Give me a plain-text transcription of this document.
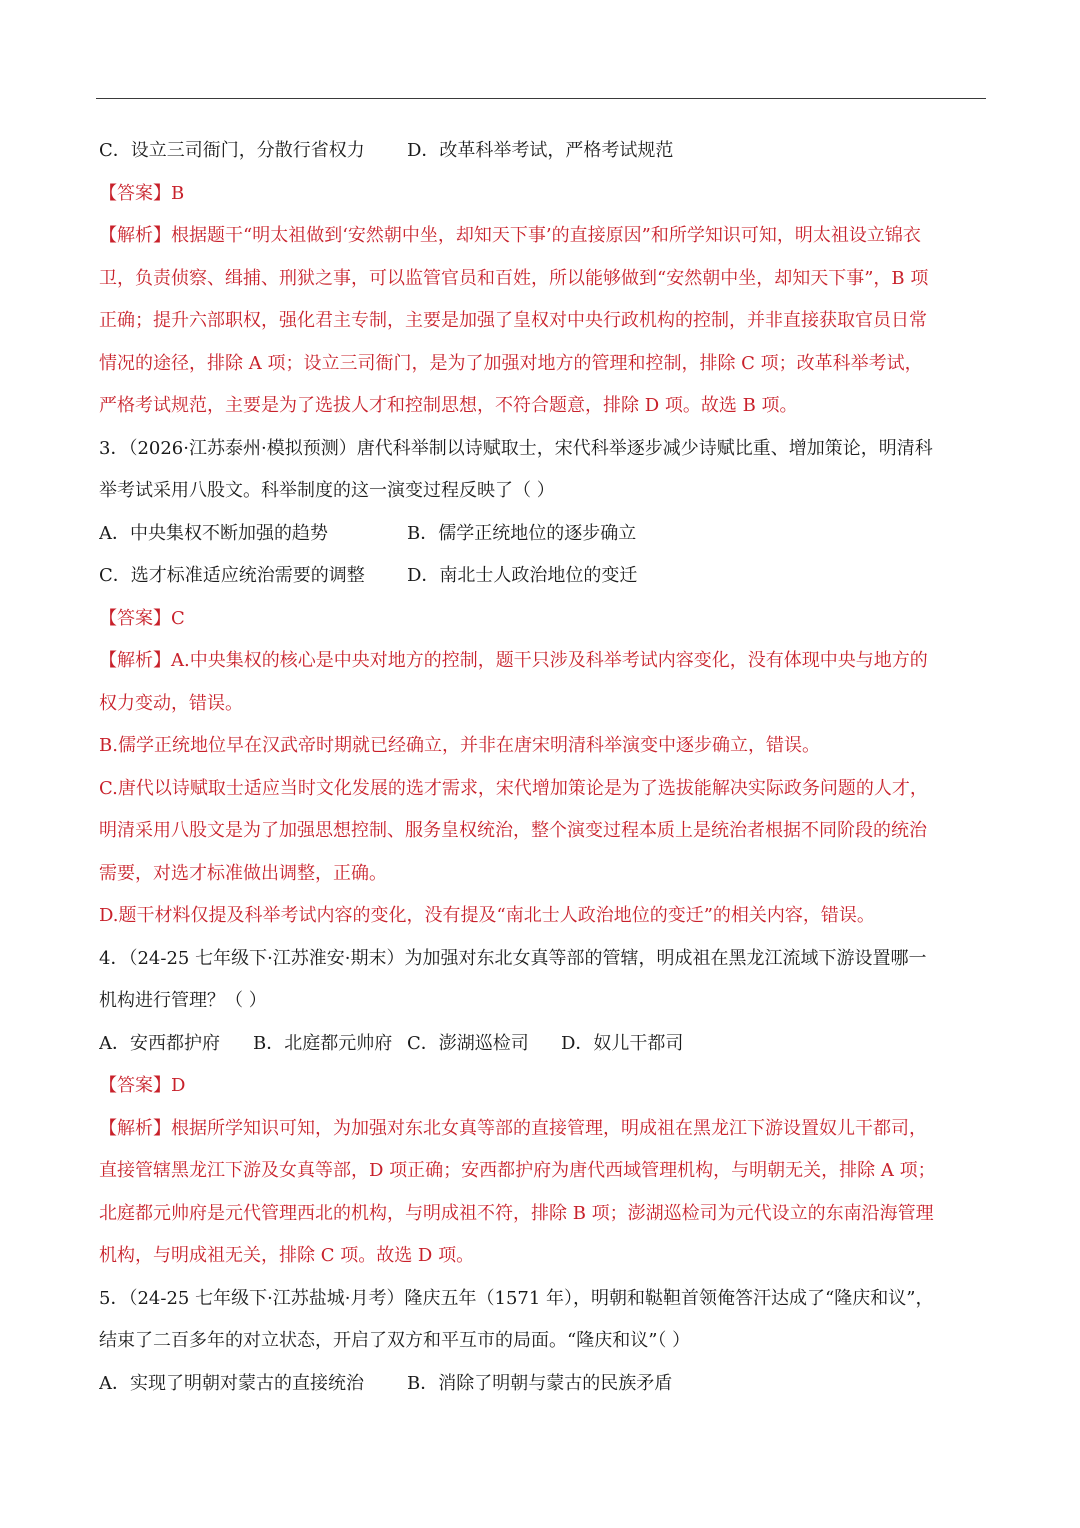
C．设立三司衙门，分散行省权力	D．改革科举考试，严格考试规范
【答案】B
【解析】根据题干“明太祖做到‘安然朝中坐，却知天下事’的直接原因”和所学知识可知，明太祖设立锦衣
卫，负责侦察、缉捕、刑狱之事，可以监管官员和百姓，所以能够做到“安然朝中坐，却知天下事”，B 项
正确；提升六部职权，强化君主专制，主要是加强了皇权对中央行政机构的控制，并非直接获取官员日常
情况的途径，排除 A 项；设立三司衙门，是为了加强对地方的管理和控制，排除 C 项；改革科举考试，
严格考试规范，主要是为了选拔人才和控制思想，不符合题意，排除 D 项。故选 B 项。
3．（2026·江苏泰州·模拟预测）唐代科举制以诗赋取士，宋代科举逐步减少诗赋比重、增加策论，明清科
举考试采用八股文。科举制度的这一演变过程反映了（ ）
A．中央集权不断加强的趋势	B．儒学正统地位的逐步确立
C．选才标准适应统治需要的调整	D．南北士人政治地位的变迁
【答案】C
【解析】A.中央集权的核心是中央对地方的控制，题干只涉及科举考试内容变化，没有体现中央与地方的
权力变动，错误。
B.儒学正统地位早在汉武帝时期就已经确立，并非在唐宋明清科举演变中逐步确立，错误。
C.唐代以诗赋取士适应当时文化发展的选才需求，宋代增加策论是为了选拔能解决实际政务问题的人才，
明清采用八股文是为了加强思想控制、服务皇权统治，整个演变过程本质上是统治者根据不同阶段的统治
需要，对选才标准做出调整，正确。
D.题干材料仅提及科举考试内容的变化，没有提及“南北士人政治地位的变迁”的相关内容，错误。
4．（24-25 七年级下·江苏淮安·期末）为加强对东北女真等部的管辖，明成祖在黑龙江流域下游设置哪一
机构进行管理？（ ）
A．安西都护府	B．北庭都元帅府 C．澎湖巡检司	D．奴儿干都司
【答案】D
【解析】根据所学知识可知，为加强对东北女真等部的直接管理，明成祖在黑龙江下游设置奴儿干都司，
直接管辖黑龙江下游及女真等部，D 项正确；安西都护府为唐代西域管理机构，与明朝无关，排除 A 项；
北庭都元帅府是元代管理西北的机构，与明成祖不符，排除 B 项；澎湖巡检司为元代设立的东南沿海管理
机构，与明成祖无关，排除 C 项。故选 D 项。
5．（24-25 七年级下·江苏盐城·月考）隆庆五年（1571 年），明朝和鞑靼首领俺答汗达成了“隆庆和议”，
结束了二百多年的对立状态，开启了双方和平互市的局面。“隆庆和议”（ ）
A．实现了明朝对蒙古的直接统治	B．消除了明朝与蒙古的民族矛盾
